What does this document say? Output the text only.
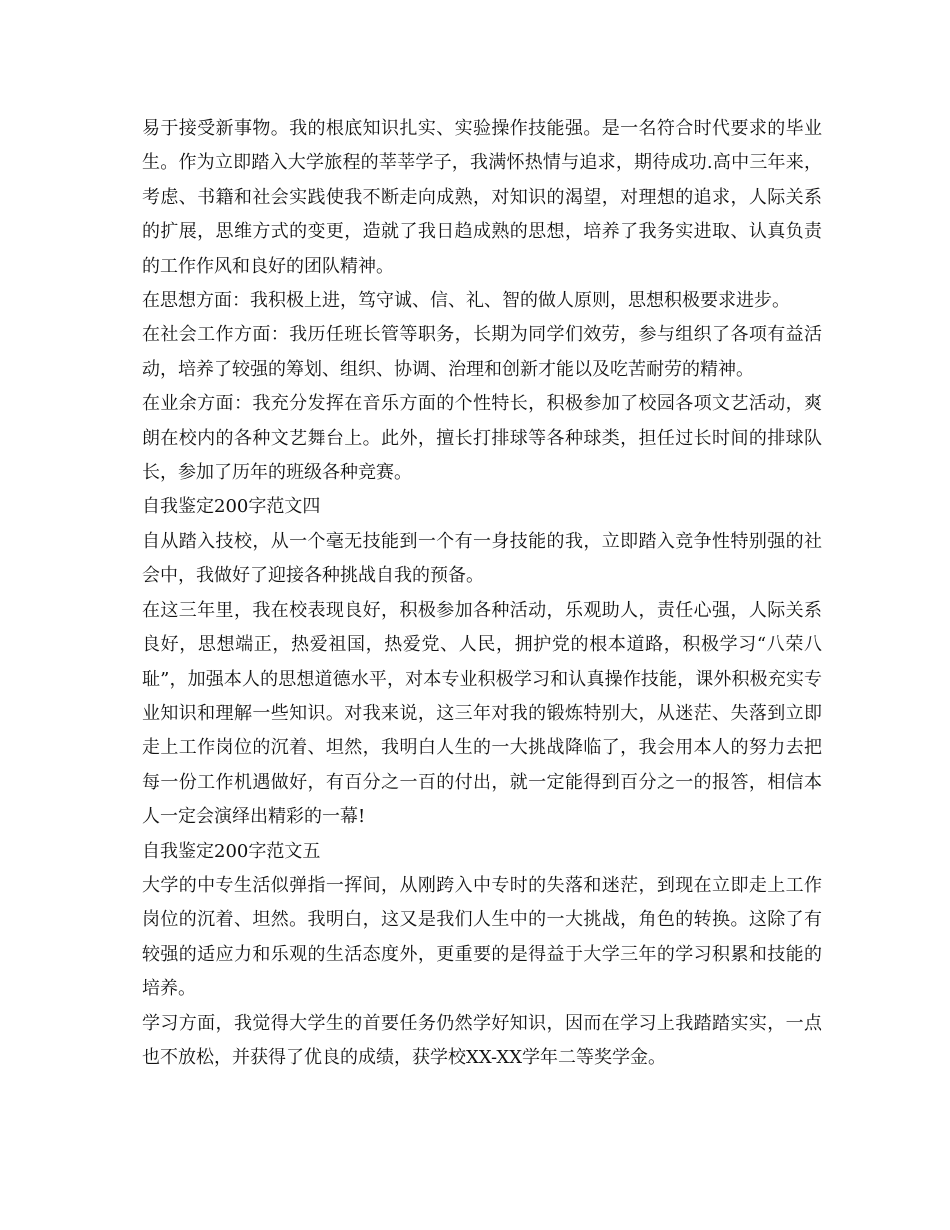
易于接受新事物。我的根底知识扎实、实验操作技能强。是一名符合时代要求的毕业生。作为立即踏入大学旅程的莘莘学子，我满怀热情与追求，期待成功.高中三年来，考虑、书籍和社会实践使我不断走向成熟，对知识的渴望，对理想的追求，人际关系的扩展，思维方式的变更，造就了我日趋成熟的思想，培养了我务实进取、认真负责的工作作风和良好的团队精神。

在思想方面：我积极上进，笃守诚、信、礼、智的做人原则，思想积极要求进步。

在社会工作方面：我历任班长管等职务，长期为同学们效劳，参与组织了各项有益活动，培养了较强的筹划、组织、协调、治理和创新才能以及吃苦耐劳的精神。

在业余方面：我充分发挥在音乐方面的个性特长，积极参加了校园各项文艺活动，爽朗在校内的各种文艺舞台上。此外，擅长打排球等各种球类，担任过长时间的排球队长，参加了历年的班级各种竞赛。

自我鉴定200字范文四

自从踏入技校，从一个毫无技能到一个有一身技能的我，立即踏入竞争性特别强的社会中，我做好了迎接各种挑战自我的预备。

在这三年里，我在校表现良好，积极参加各种活动，乐观助人，责任心强，人际关系良好，思想端正，热爱祖国，热爱党、人民，拥护党的根本道路，积极学习“八荣八耻”，加强本人的思想道德水平，对本专业积极学习和认真操作技能，课外积极充实专业知识和理解一些知识。对我来说，这三年对我的锻炼特别大，从迷茫、失落到立即走上工作岗位的沉着、坦然，我明白人生的一大挑战降临了，我会用本人的努力去把每一份工作机遇做好，有百分之一百的付出，就一定能得到百分之一的报答，相信本人一定会演绎出精彩的一幕!

自我鉴定200字范文五

大学的中专生活似弹指一挥间，从刚跨入中专时的失落和迷茫，到现在立即走上工作岗位的沉着、坦然。我明白，这又是我们人生中的一大挑战，角色的转换。这除了有较强的适应力和乐观的生活态度外，更重要的是得益于大学三年的学习积累和技能的培养。

学习方面，我觉得大学生的首要任务仍然学好知识，因而在学习上我踏踏实实，一点也不放松，并获得了优良的成绩，获学校XX-XX学年二等奖学金。
